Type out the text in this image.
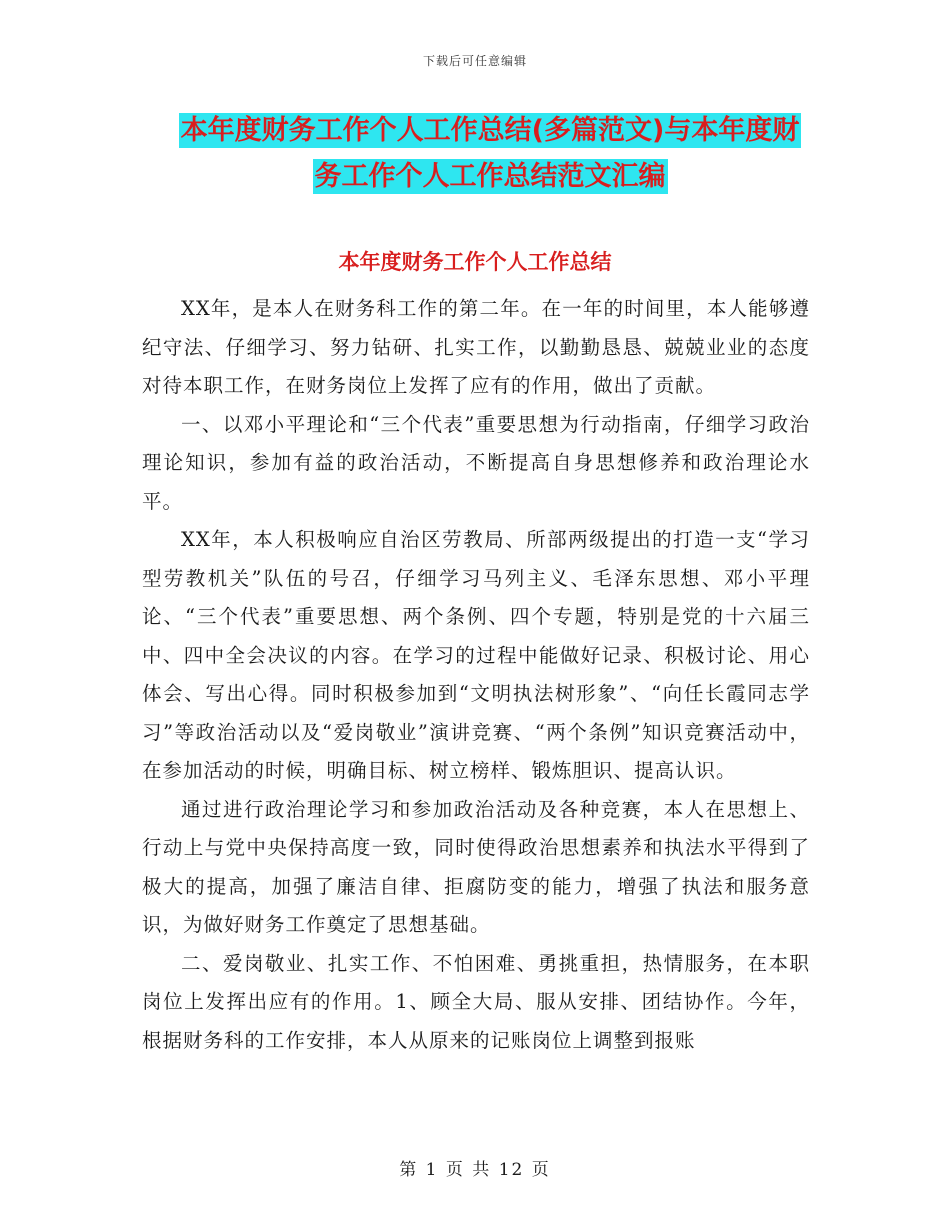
下载后可任意编辑
本年度财务工作个人工作总结(多篇范文)与本年度财
务工作个人工作总结范文汇编
本年度财务工作个人工作总结

XX年，是本人在财务科工作的第二年。在一年的时间里，本人能够遵纪守法、仔细学习、努力钻研、扎实工作，以勤勤恳恳、兢兢业业的态度对待本职工作，在财务岗位上发挥了应有的作用，做出了贡献。

一、以邓小平理论和“三个代表”重要思想为行动指南，仔细学习政治理论知识，参加有益的政治活动，不断提高自身思想修养和政治理论水平。

XX年，本人积极响应自治区劳教局、所部两级提出的打造一支“学习型劳教机关”队伍的号召，仔细学习马列主义、毛泽东思想、邓小平理论、“三个代表”重要思想、两个条例、四个专题，特别是党的十六届三中、四中全会决议的内容。在学习的过程中能做好记录、积极讨论、用心体会、写出心得。同时积极参加到“文明执法树形象”、“向任长霞同志学习”等政治活动以及“爱岗敬业”演讲竞赛、“两个条例”知识竞赛活动中，在参加活动的时候，明确目标、树立榜样、锻炼胆识、提高认识。

通过进行政治理论学习和参加政治活动及各种竞赛，本人在思想上、行动上与党中央保持高度一致，同时使得政治思想素养和执法水平得到了极大的提高，加强了廉洁自律、拒腐防变的能力，增强了执法和服务意识，为做好财务工作奠定了思想基础。

二、爱岗敬业、扎实工作、不怕困难、勇挑重担，热情服务，在本职岗位上发挥出应有的作用。1、顾全大局、服从安排、团结协作。今年，根据财务科的工作安排，本人从原来的记账岗位上调整到报账

第 1 页 共 12 页
